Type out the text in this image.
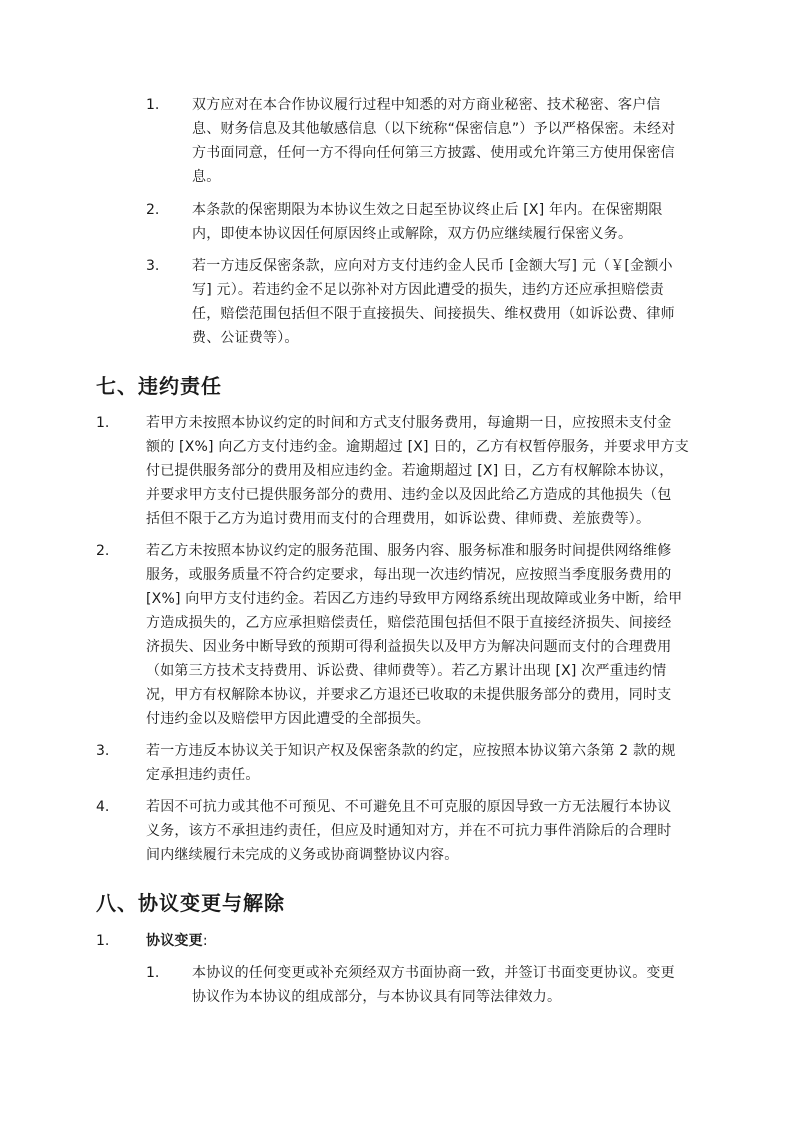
1. 双方应对在本合作协议履行过程中知悉的对方商业秘密、技术秘密、客户信
息、财务信息及其他敏感信息（以下统称“保密信息”）予以严格保密。未经对
方书面同意，任何一方不得向任何第三方披露、使用或允许第三方使用保密信
息。
2. 本条款的保密期限为本协议生效之日起至协议终止后 [X] 年内。在保密期限
内，即使本协议因任何原因终止或解除，双方仍应继续履行保密义务。
3. 若一方违反保密条款，应向对方支付违约金人民币 [金额大写] 元（￥[金额小
写] 元）。若违约金不足以弥补对方因此遭受的损失，违约方还应承担赔偿责
任，赔偿范围包括但不限于直接损失、间接损失、维权费用（如诉讼费、律师
费、公证费等）。
七、违约责任
1.	若甲方未按照本协议约定的时间和方式支付服务费用，每逾期一日，应按照未支付金
额的 [X%] 向乙方支付违约金。逾期超过 [X] 日的，乙方有权暂停服务，并要求甲方支
付已提供服务部分的费用及相应违约金。若逾期超过 [X] 日，乙方有权解除本协议，
并要求甲方支付已提供服务部分的费用、违约金以及因此给乙方造成的其他损失（包
括但不限于乙方为追讨费用而支付的合理费用，如诉讼费、律师费、差旅费等）。
2.	若乙方未按照本协议约定的服务范围、服务内容、服务标准和服务时间提供网络维修
服务，或服务质量不符合约定要求，每出现一次违约情况，应按照当季度服务费用的
[X%] 向甲方支付违约金。若因乙方违约导致甲方网络系统出现故障或业务中断，给甲
方造成损失的，乙方应承担赔偿责任，赔偿范围包括但不限于直接经济损失、间接经
济损失、因业务中断导致的预期可得利益损失以及甲方为解决问题而支付的合理费用
（如第三方技术支持费用、诉讼费、律师费等）。若乙方累计出现 [X] 次严重违约情
况，甲方有权解除本协议，并要求乙方退还已收取的未提供服务部分的费用，同时支
付违约金以及赔偿甲方因此遭受的全部损失。
3.	若一方违反本协议关于知识产权及保密条款的约定，应按照本协议第六条第 2 款的规
定承担违约责任。
4.	若因不可抗力或其他不可预见、不可避免且不可克服的原因导致一方无法履行本协议
义务，该方不承担违约责任，但应及时通知对方，并在不可抗力事件消除后的合理时
间内继续履行未完成的义务或协商调整协议内容。
八、协议变更与解除
1.	协议变更:
1. 本协议的任何变更或补充须经双方书面协商一致，并签订书面变更协议。变更
协议作为本协议的组成部分，与本协议具有同等法律效力。
